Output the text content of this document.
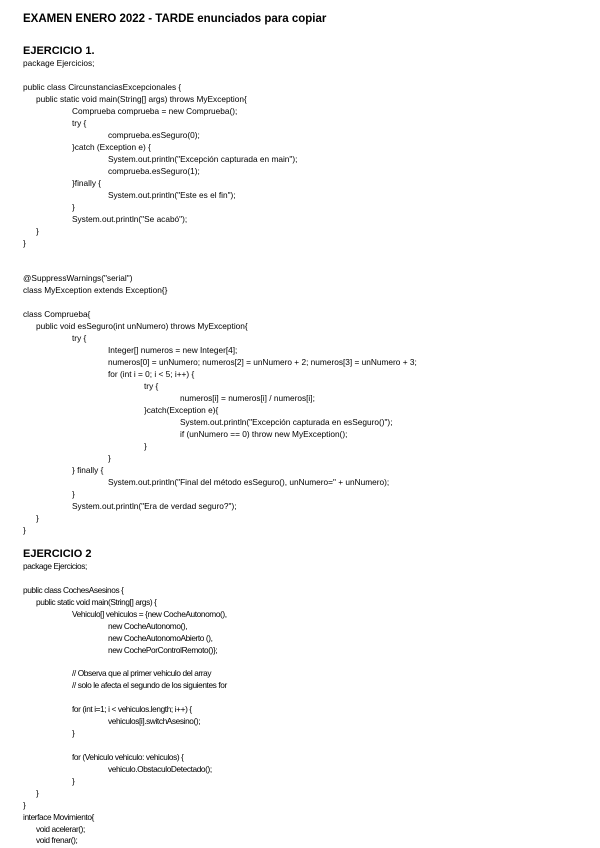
EXAMEN ENERO 2022 - TARDE enunciados para copiar
EJERCICIO 1.
package Ejercicios;
public class CircunstanciasExcepcionales {
public static void main(String[] args) throws MyException{
Comprueba comprueba = new Comprueba();
try {
comprueba.esSeguro(0);
}catch (Exception e) {
System.out.println("Excepción capturada en main");
comprueba.esSeguro(1);
}finally {
System.out.println("Este es el fin");
}
System.out.println("Se acabó");
}
}
@SuppressWarnings("serial")
class MyException extends Exception{}
class Comprueba{
public void esSeguro(int unNumero) throws MyException{
try {
Integer[] numeros = new Integer[4];
numeros[0] = unNumero; numeros[2] = unNumero + 2; numeros[3] = unNumero + 3;
for (int i = 0; i < 5; i++) {
try {
numeros[i] = numeros[i] / numeros[i];
}catch(Exception e){
System.out.println("Excepción capturada en esSeguro()");
if (unNumero == 0) throw new MyException();
}
}
} finally {
System.out.println("Final del método esSeguro(), unNumero=" + unNumero);
}
System.out.println("Era de verdad seguro?");
}
}
EJERCICIO 2
package Ejercicios;
public class CochesAsesinos {
public static void main(String[] args) {
Vehiculo[] vehiculos = {new CocheAutonomo(),
new CocheAutonomo(),
new CocheAutonomoAbierto (),
new CochePorControlRemoto()};
// Observa que al primer vehiculo del array
// solo le afecta el segundo de los siguientes for
for (int i=1; i < vehiculos.length; i++) {
vehiculos[i].switchAsesino();
}
for (Vehiculo vehiculo: vehiculos) {
vehiculo.ObstaculoDetectado();
}
}
}
interface Movimiento{
void acelerar();
void frenar();
